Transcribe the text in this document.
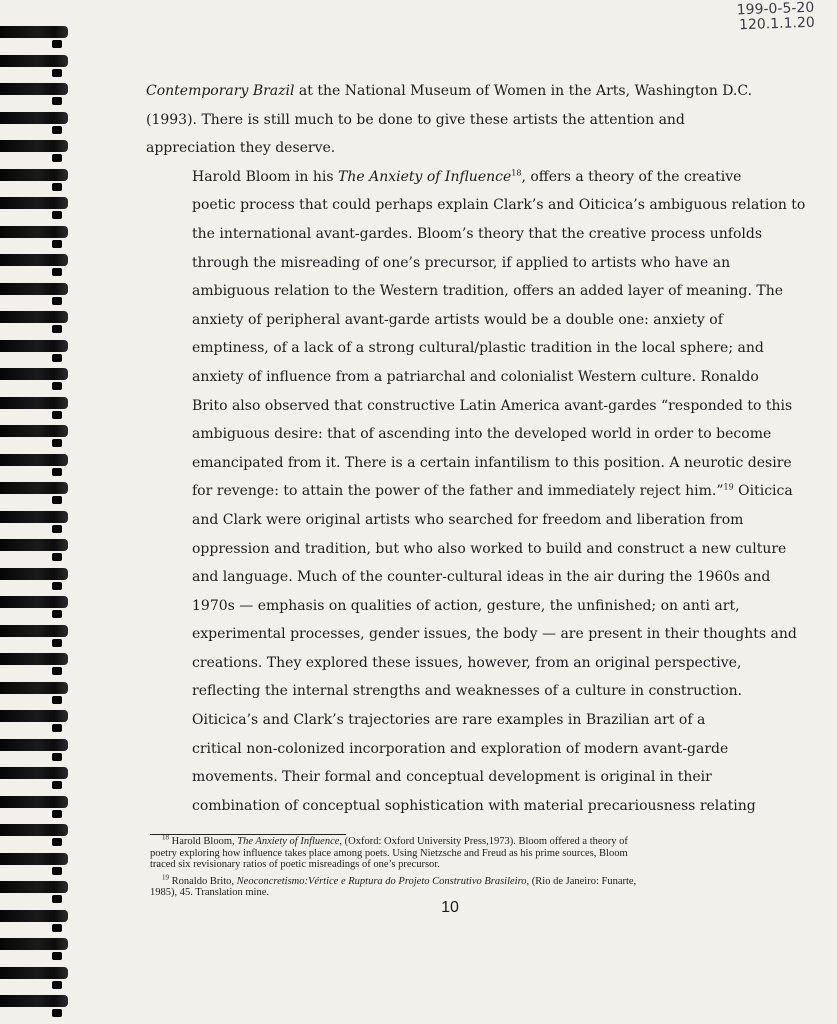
199-0-5-20
120.1.1.20

Contemporary Brazil at the National Museum of Women in the Arts, Washington D.C.
(1993). There is still much to be done to give these artists the attention and
appreciation they deserve.

Harold Bloom in his The Anxiety of Influence$^{18}$, offers a theory of the creative
poetic process that could perhaps explain Clark’s and Oiticica’s ambiguous relation to
the international avant-gardes. Bloom’s theory that the creative process unfolds
through the misreading of one’s precursor, if applied to artists who have an
ambiguous relation to the Western tradition, offers an added layer of meaning. The
anxiety of peripheral avant-garde artists would be a double one: anxiety of
emptiness, of a lack of a strong cultural/plastic tradition in the local sphere; and
anxiety of influence from a patriarchal and colonialist Western culture. Ronaldo
Brito also observed that constructive Latin America avant-gardes “responded to this
ambiguous desire: that of ascending into the developed world in order to become
emancipated from it. There is a certain infantilism to this position. A neurotic desire
for revenge: to attain the power of the father and immediately reject him.”$^{19}$ Oiticica
and Clark were original artists who searched for freedom and liberation from
oppression and tradition, but who also worked to build and construct a new culture
and language. Much of the counter-cultural ideas in the air during the 1960s and
1970s — emphasis on qualities of action, gesture, the unfinished; on anti art,
experimental processes, gender issues, the body — are present in their thoughts and
creations. They explored these issues, however, from an original perspective,
reflecting the internal strengths and weaknesses of a culture in construction.

Oiticica’s and Clark’s trajectories are rare examples in Brazilian art of a
critical non-colonized incorporation and exploration of modern avant-garde
movements. Their formal and conceptual development is original in their
combination of conceptual sophistication with material precariousness relating

$^{18}$ Harold Bloom, The Anxiety of Influence, (Oxford: Oxford University Press,1973). Bloom offered a theory of
poetry exploring how influence takes place among poets. Using Nietzsche and Freud as his prime sources, Bloom
traced six revisionary ratios of poetic misreadings of one’s precursor.
$^{19}$ Ronaldo Brito, Neoconcretismo:Vértice e Ruptura do Projeto Construtivo Brasileiro, (Rio de Janeiro: Funarte,
1985), 45. Translation mine.
10
